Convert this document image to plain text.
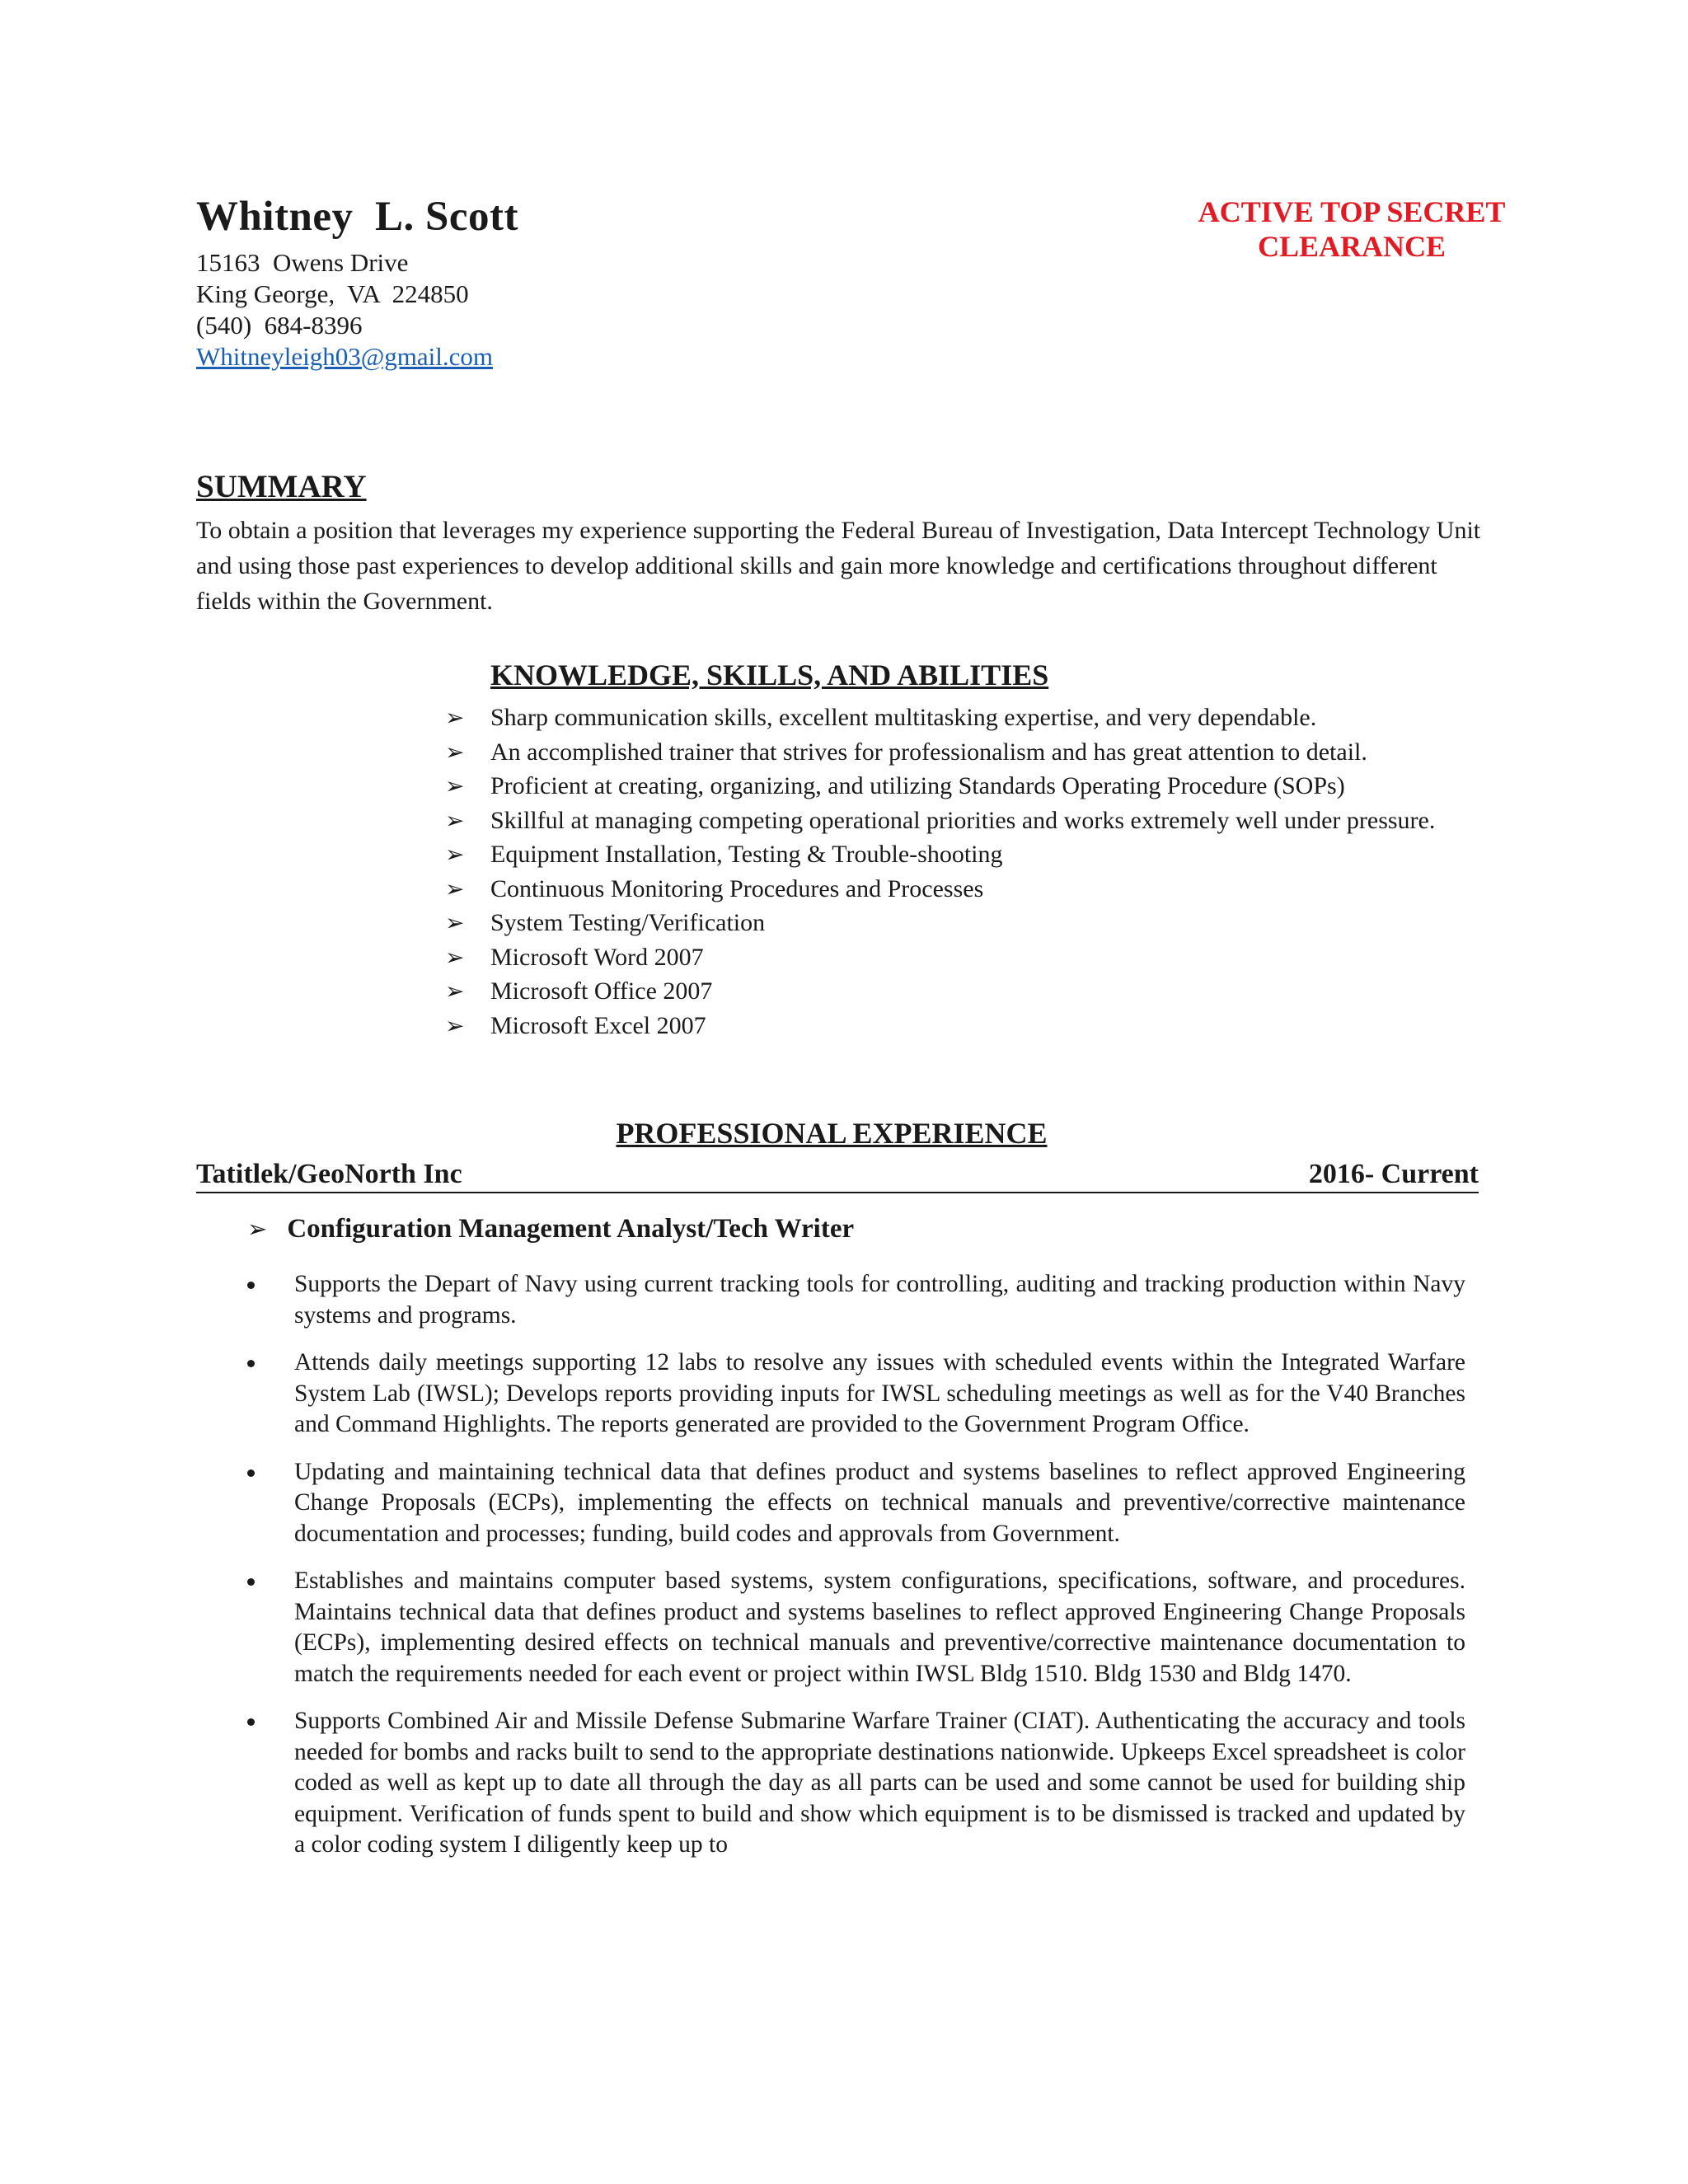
Whitney  L. Scott
15163  Owens Drive
King George,  VA  224850
(540)  684-8396
Whitneyleigh03@gmail.com
ACTIVE TOP SECRET
CLEARANCE
SUMMARY
To obtain a position that leverages my experience supporting the Federal Bureau of Investigation, Data Intercept Technology Unit and using those past experiences to develop additional skills and gain more knowledge and certifications throughout different fields within the Government.
KNOWLEDGE, SKILLS, AND ABILITIES
➢ Sharp communication skills, excellent multitasking expertise, and very dependable.
➢ An accomplished trainer that strives for professionalism and has great attention to detail.
➢ Proficient at creating, organizing, and utilizing Standards Operating Procedure (SOPs)
➢ Skillful at managing competing operational priorities and works extremely well under pressure.
➢ Equipment Installation, Testing & Trouble-shooting
➢ Continuous Monitoring Procedures and Processes
➢ System Testing/Verification
➢ Microsoft Word 2007
➢ Microsoft Office 2007
➢ Microsoft Excel 2007
PROFESSIONAL EXPERIENCE
Tatitlek/GeoNorth Inc	2016- Current
➢ Configuration Management Analyst/Tech Writer
Supports the Depart of Navy using current tracking tools for controlling, auditing and tracking production within Navy systems and programs.
Attends daily meetings supporting 12 labs to resolve any issues with scheduled events within the Integrated Warfare System Lab (IWSL); Develops reports providing inputs for IWSL scheduling meetings as well as for the V40 Branches and Command Highlights. The reports generated are provided to the Government Program Office.
Updating and maintaining technical data that defines product and systems baselines to reflect approved Engineering Change Proposals (ECPs), implementing the effects on technical manuals and preventive/corrective maintenance documentation and processes; funding, build codes and approvals from Government.
Establishes and maintains computer based systems, system configurations, specifications, software, and procedures. Maintains technical data that defines product and systems baselines to reflect approved Engineering Change Proposals (ECPs), implementing desired effects on technical manuals and preventive/corrective maintenance documentation to match the requirements needed for each event or project within IWSL Bldg 1510. Bldg 1530 and Bldg 1470.
Supports Combined Air and Missile Defense Submarine Warfare Trainer (CIAT). Authenticating the accuracy and tools needed for bombs and racks built to send to the appropriate destinations nationwide. Upkeeps Excel spreadsheet is color coded as well as kept up to date all through the day as all parts can be used and some cannot be used for building ship equipment. Verification of funds spent to build and show which equipment is to be dismissed is tracked and updated by a color coding system I diligently keep up to
